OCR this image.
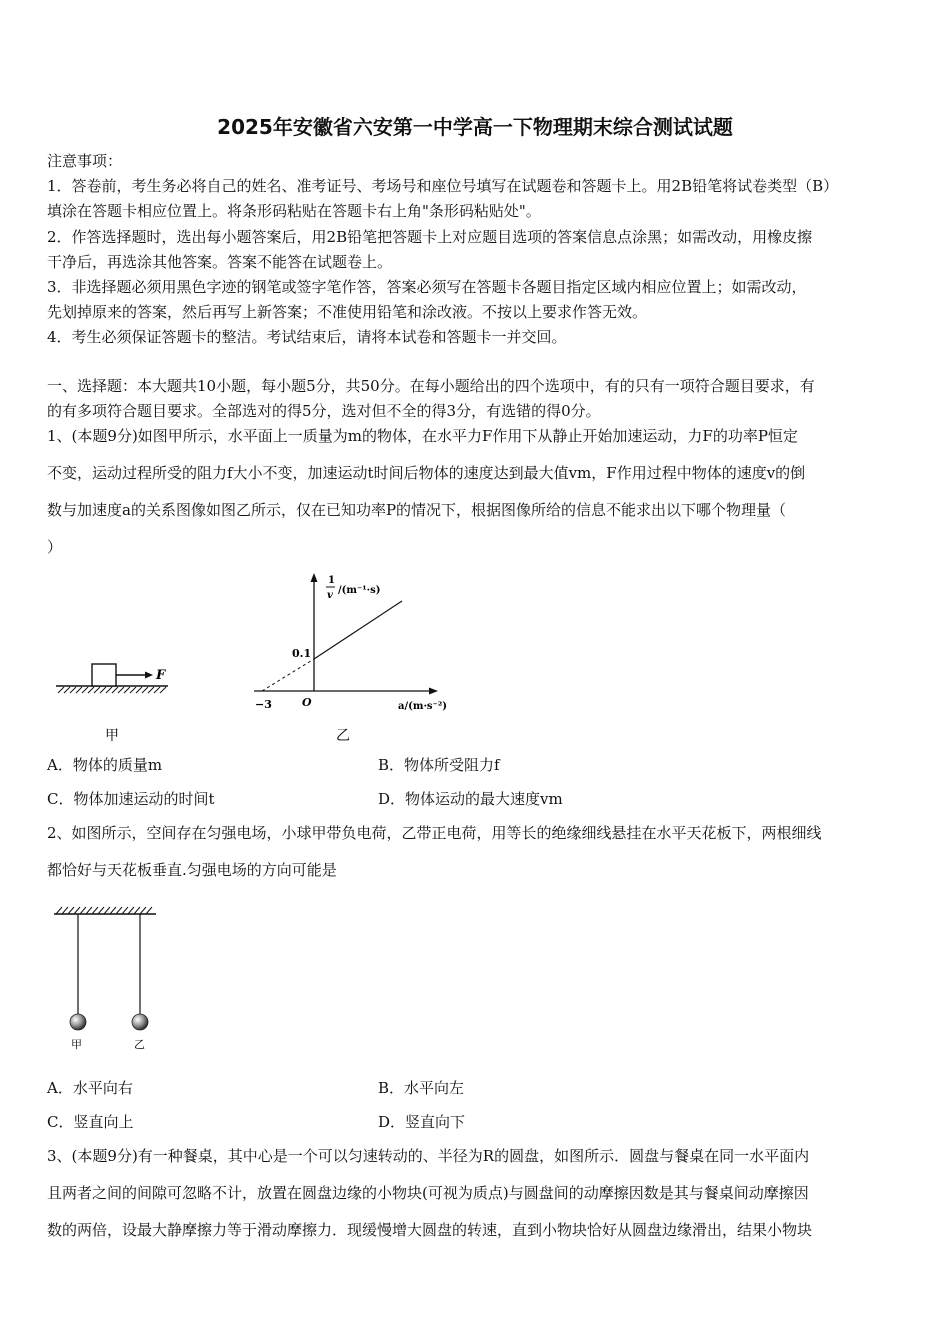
2025年安徽省六安第一中学高一下物理期末综合测试试题
注意事项：
1．答卷前，考生务必将自己的姓名、准考证号、考场号和座位号填写在试题卷和答题卡上。用2B铅笔将试卷类型（B）
填涂在答题卡相应位置上。将条形码粘贴在答题卡右上角"条形码粘贴处"。
2．作答选择题时，选出每小题答案后，用2B铅笔把答题卡上对应题目选项的答案信息点涂黑；如需改动，用橡皮擦
干净后，再选涂其他答案。答案不能答在试题卷上。
3．非选择题必须用黑色字迹的钢笔或签字笔作答，答案必须写在答题卡各题目指定区域内相应位置上；如需改动，
先划掉原来的答案，然后再写上新答案；不准使用铅笔和涂改液。不按以上要求作答无效。
4．考生必须保证答题卡的整洁。考试结束后，请将本试卷和答题卡一并交回。
一、选择题：本大题共10小题，每小题5分，共50分。在每小题给出的四个选项中，有的只有一项符合题目要求，有
的有多项符合题目要求。全部选对的得5分，选对但不全的得3分，有选错的得0分。
1、(本题9分)如图甲所示，水平面上一质量为m的物体，在水平力F作用下从静止开始加速运动，力F的功率P恒定
不变，运动过程所受的阻力f大小不变，加速运动t时间后物体的速度达到最大值vm，F作用过程中物体的速度v的倒
数与加速度a的关系图像如图乙所示，仅在已知功率P的情况下，根据图像所给的信息不能求出以下哪个物理量（
）
F
甲
1
v /(m⁻¹·s)
0.1
−3	O	a/(m·s⁻²)
乙
A．物体的质量m	B．物体所受阻力f
C．物体加速运动的时间t	D．物体运动的最大速度vm
2、如图所示，空间存在匀强电场，小球甲带负电荷，乙带正电荷，用等长的绝缘细线悬挂在水平天花板下，两根细线
都恰好与天花板垂直.匀强电场的方向可能是
甲	乙
A．水平向右	B．水平向左
C．竖直向上	D．竖直向下
3、(本题9分)有一种餐桌，其中心是一个可以匀速转动的、半径为R的圆盘，如图所示．圆盘与餐桌在同一水平面内
且两者之间的间隙可忽略不计，放置在圆盘边缘的小物块(可视为质点)与圆盘间的动摩擦因数是其与餐桌间动摩擦因
数的两倍，设最大静摩擦力等于滑动摩擦力．现缓慢增大圆盘的转速，直到小物块恰好从圆盘边缘滑出，结果小物块
